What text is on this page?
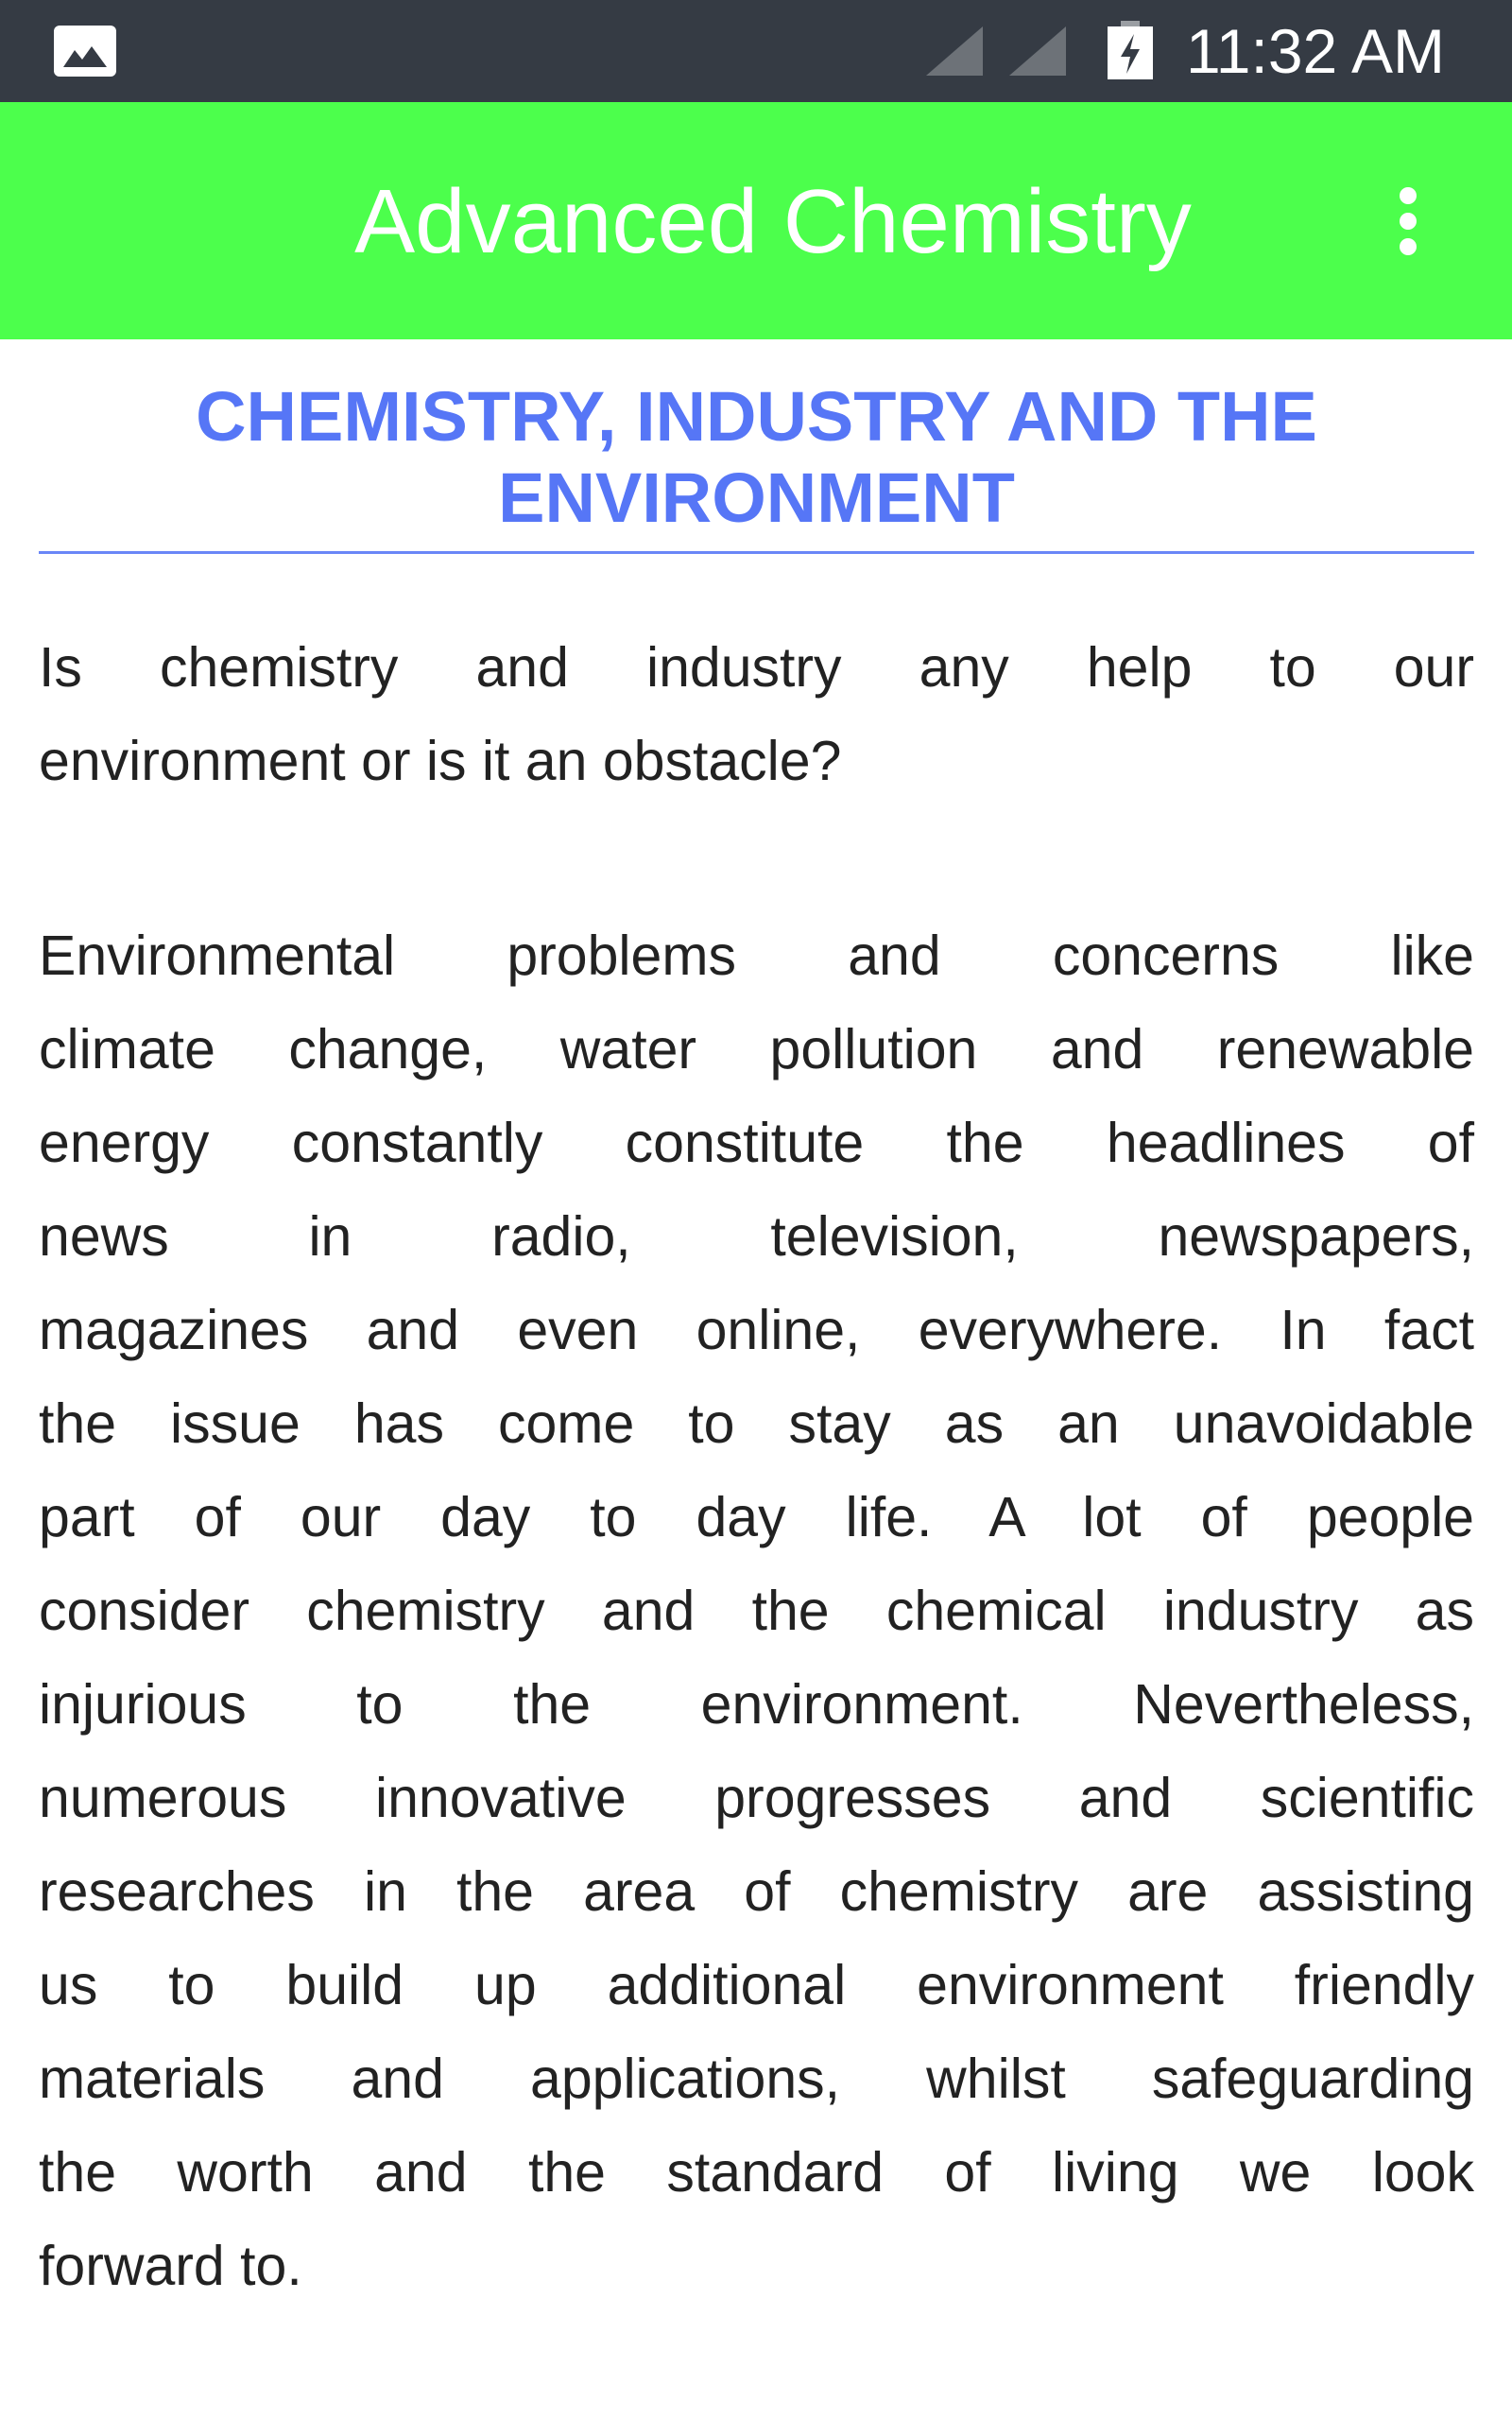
11:32 AM
Advanced Chemistry
CHEMISTRY, INDUSTRY AND THE
ENVIRONMENT
Is chemistry and industry any help to our
environment or is it an obstacle?
Environmental problems and concerns like
climate change, water pollution and renewable
energy constantly constitute the headlines of
news in radio, television, newspapers,
magazines and even online, everywhere. In fact
the issue has come to stay as an unavoidable
part of our day to day life. A lot of people
consider chemistry and the chemical industry as
injurious to the environment. Nevertheless,
numerous innovative progresses and scientific
researches in the area of chemistry are assisting
us to build up additional environment friendly
materials and applications, whilst safeguarding
the worth and the standard of living we look
forward to.
